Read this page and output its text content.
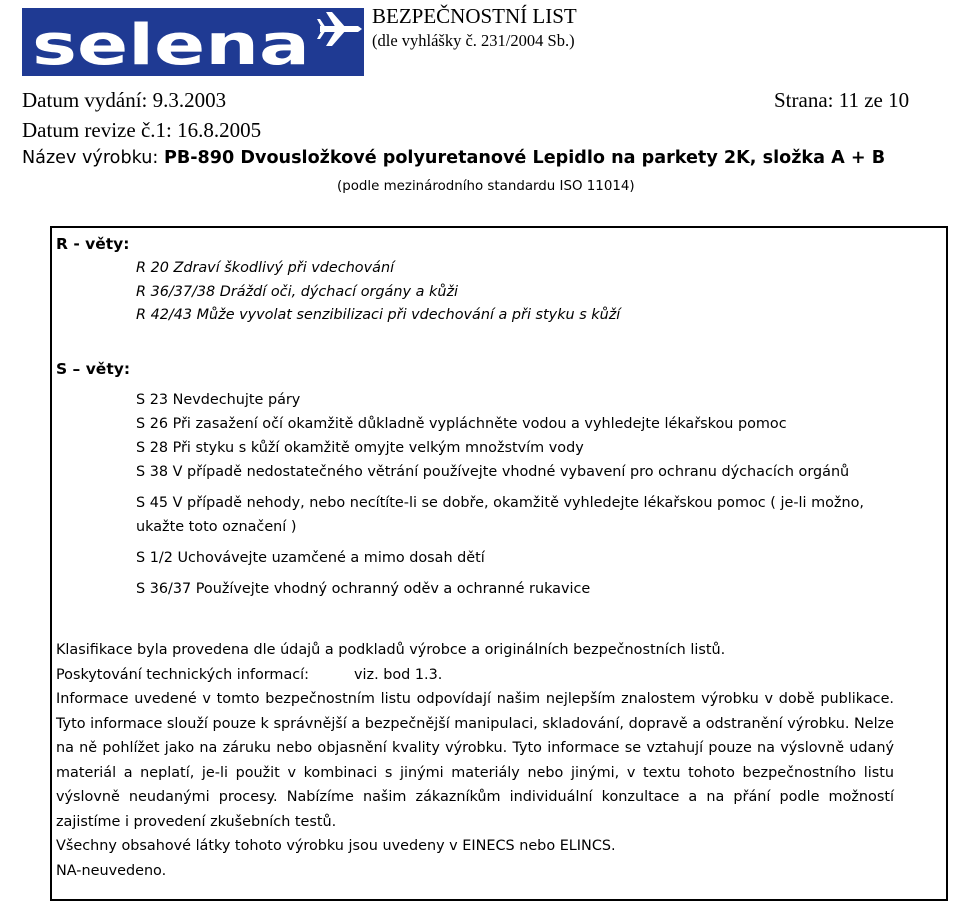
selena	BEZPEČNOSTNÍ LIST
(dle vyhlášky č. 231/2004 Sb.)
Datum vydání: 9.3.2003	Strana: 11 ze 10
Datum revize č.1: 16.8.2005
Název výrobku: PB-890 Dvousložkové polyuretanové Lepidlo na parkety 2K, složka A + B
(podle mezinárodního standardu ISO 11014)
R - věty:
R 20 Zdraví škodlivý při vdechování
R 36/37/38 Dráždí oči, dýchací orgány a kůži
R 42/43 Může vyvolat senzibilizaci při vdechování a při styku s kůží
S – věty:
S 23 Nevdechujte páry
S 26 Při zasažení očí okamžitě důkladně vypláchněte vodou a vyhledejte lékařskou pomoc
S 28 Při styku s kůží okamžitě omyjte velkým množstvím vody
S 38 V případě nedostatečného větrání používejte vhodné vybavení pro ochranu dýchacích orgánů
S 45 V případě nehody, nebo necítíte-li se dobře, okamžitě vyhledejte lékařskou pomoc ( je-li možno, ukažte toto označení )
S 1/2 Uchovávejte uzamčené a mimo dosah dětí
S 36/37 Používejte vhodný ochranný oděv a ochranné rukavice

Klasifikace byla provedena dle údajů a podkladů výrobce a originálních bezpečnostních listů.

Poskytování technických informací:	viz. bod 1.3.

Informace uvedené v tomto bezpečnostním listu odpovídají našim nejlepším znalostem výrobku v době publikace. Tyto informace slouží pouze k správnější a bezpečnější manipulaci, skladování, dopravě a odstranění výrobku. Nelze na ně pohlížet jako na záruku nebo objasnění kvality výrobku. Tyto informace se vztahují pouze na výslovně udaný materiál a neplatí, je-li použit v kombinaci s jinými materiály nebo jinými, v textu tohoto bezpečnostního listu výslovně neudanými procesy. Nabízíme našim zákazníkům individuální konzultace a na přání podle možností zajistíme i provedení zkušebních testů.

Všechny obsahové látky tohoto výrobku jsou uvedeny v EINECS nebo ELINCS.

NA-neuvedeno.
